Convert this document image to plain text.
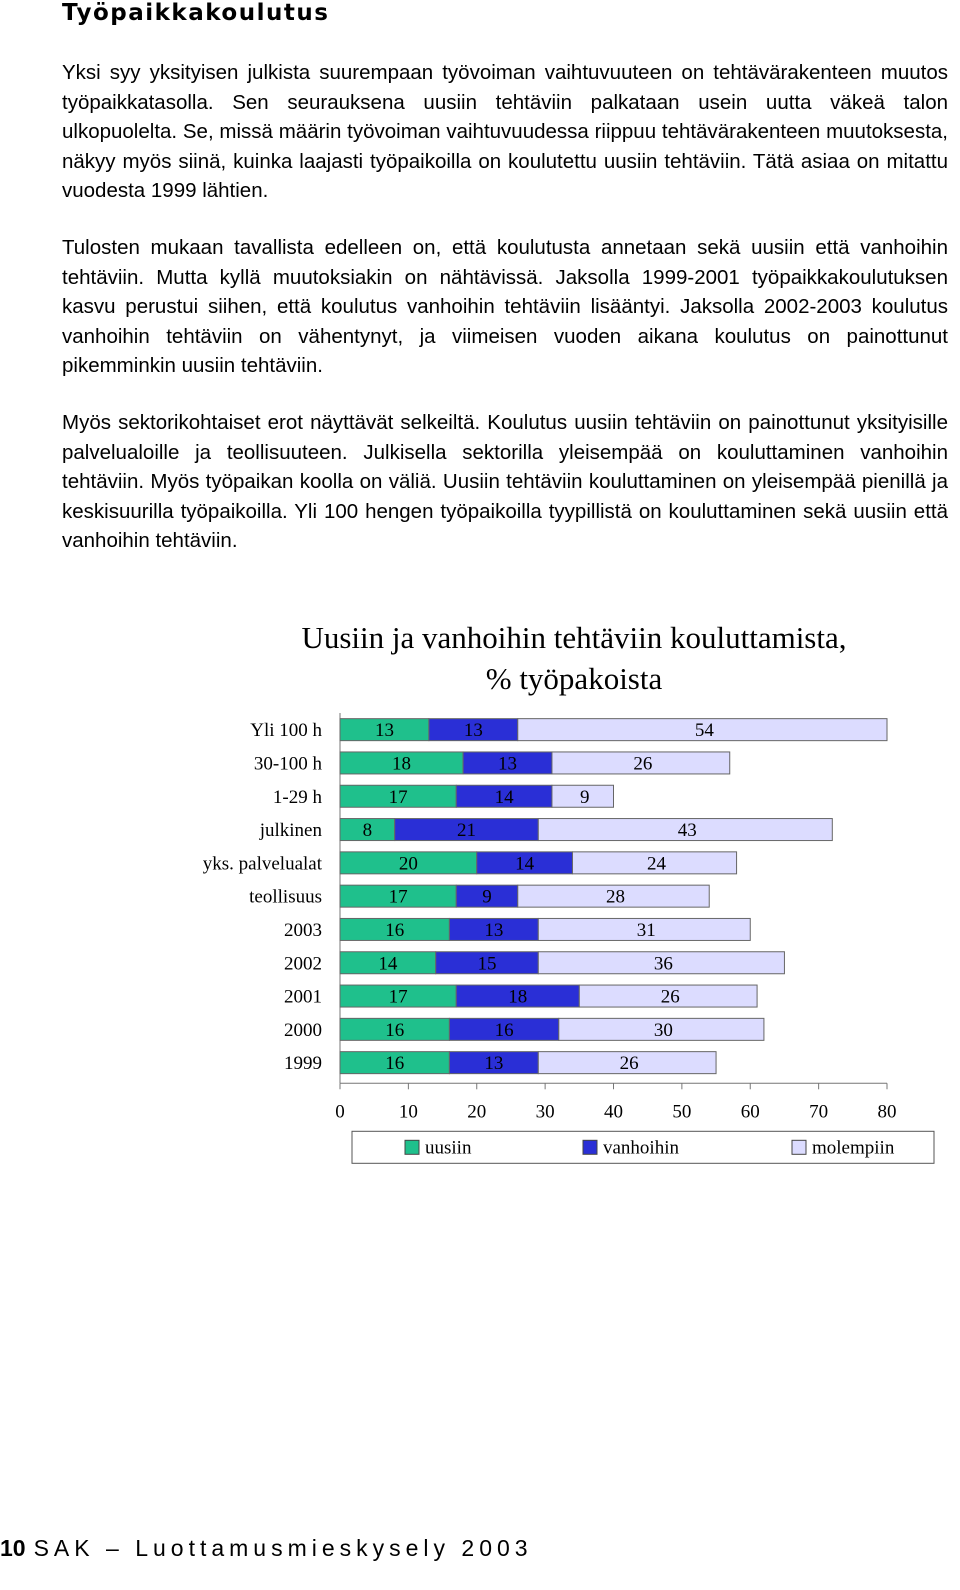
Työpaikkakoulutus

Yksi syy yksityisen julkista suurempaan työvoiman vaihtuvuuteen on tehtävärakenteen muutos työpaikkatasolla. Sen seurauksena uusiin tehtäviin palkataan usein uutta väkeä talon ulkopuolelta. Se, missä määrin työvoiman vaihtuvuudessa riippuu tehtävärakenteen muutoksesta, näkyy myös siinä, kuinka laajasti työpaikoilla on koulutettu uusiin tehtäviin. Tätä asiaa on mitattu vuodesta 1999 lähtien.

Tulosten mukaan tavallista edelleen on, että koulutusta annetaan sekä uusiin että vanhoihin tehtäviin. Mutta kyllä muutoksiakin on nähtävissä. Jaksolla 1999-2001 työpaikkakoulutuksen kasvu perustui siihen, että koulutus vanhoihin tehtäviin lisääntyi. Jaksolla 2002-2003 koulutus vanhoihin tehtäviin on vähentynyt, ja viimeisen vuoden aikana koulutus on painottunut pikemminkin uusiin tehtäviin.

Myös sektorikohtaiset erot näyttävät selkeiltä. Koulutus uusiin tehtäviin on painottunut yksityisille palvelualoille ja teollisuuteen. Julkisella sektorilla yleisempää on kouluttaminen vanhoihin tehtäviin. Myös työpaikan koolla on väliä. Uusiin tehtäviin kouluttaminen on yleisempää pienillä ja keskisuurilla työpaikoilla. Yli 100 hengen työpaikoilla tyypillistä on kouluttaminen sekä uusiin että vanhoihin tehtäviin.

Uusiin ja vanhoihin tehtäviin kouluttamista,
% työpakoista
0	10	20	30	40	50	60	70	80
Yli 100 h	13	13	54
30-100 h	18	13	26
1-29 h	17	14	9
julkinen 8	21	43
yks. palvelualat	20	14	24
teollisuus	17	9	28
2003	16	13	31
2002	14	15	36
2001	17	18	26
2000	16	16	30
1999	16	13	26
uusiin	vanhoihin	molempiin
10 SAK – Luottamusmieskysely 2003
